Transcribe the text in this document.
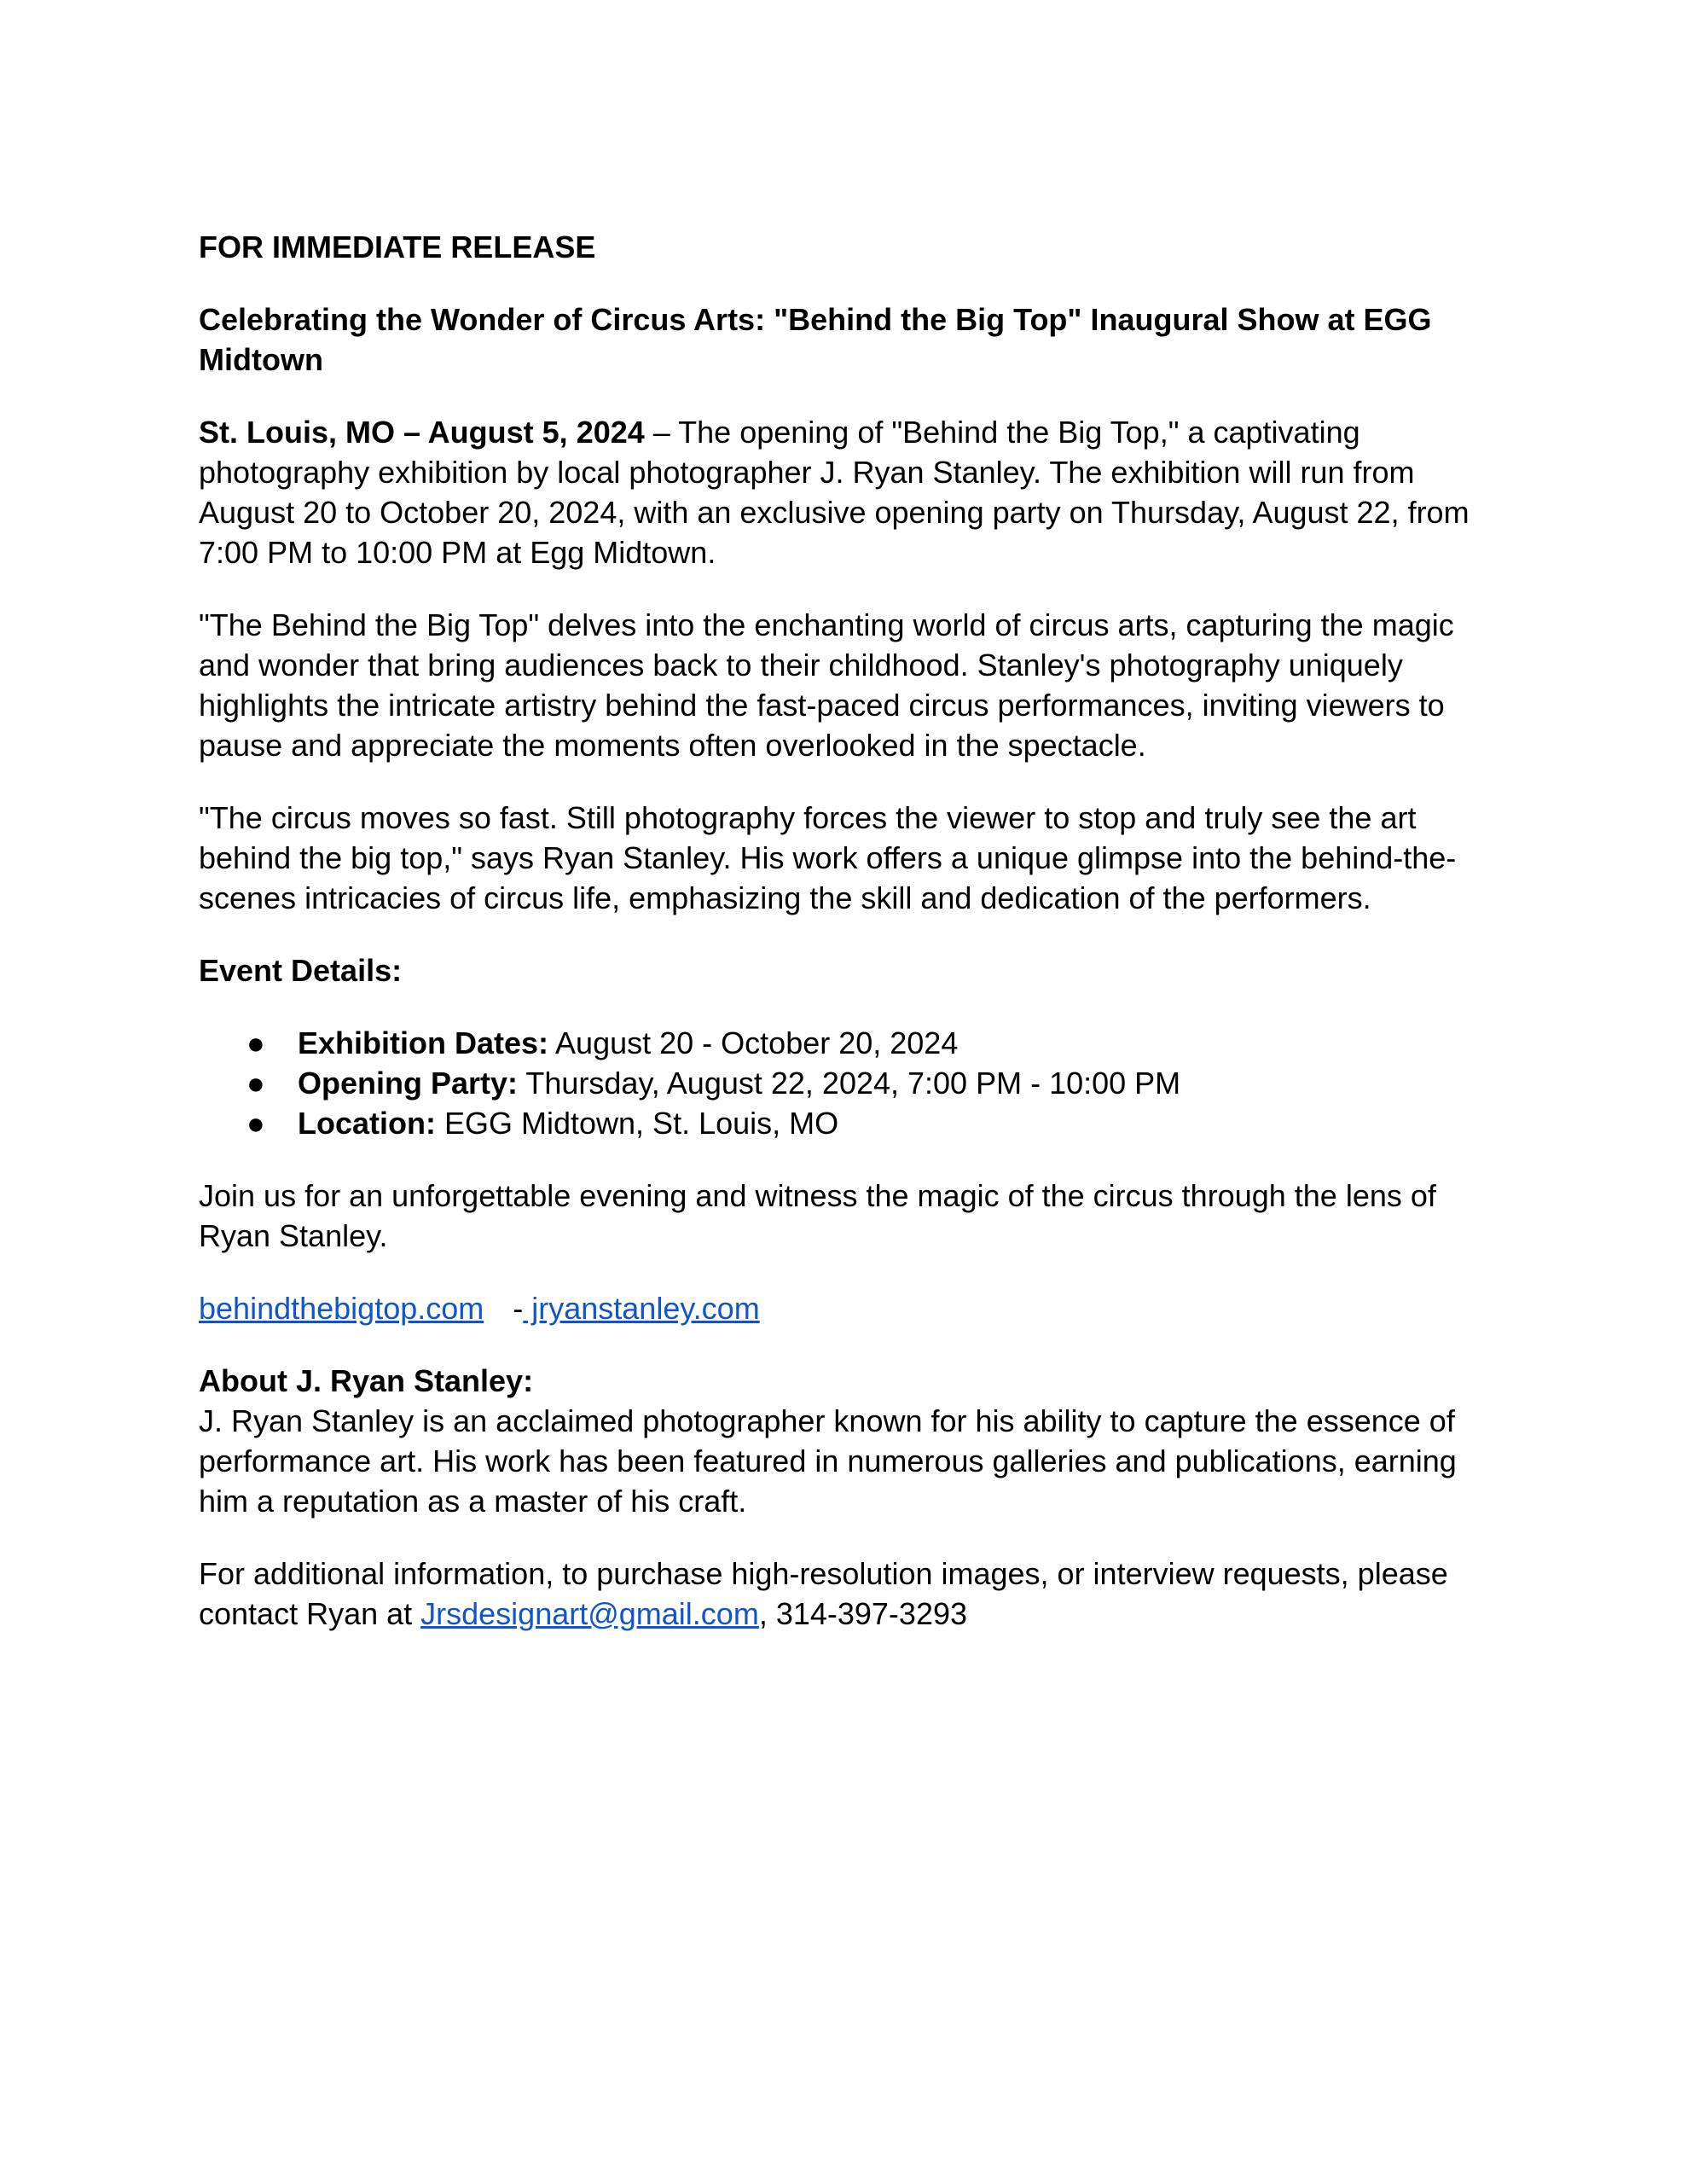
FOR IMMEDIATE RELEASE

Celebrating the Wonder of Circus Arts: "Behind the Big Top" Inaugural Show at EGG Midtown

St. Louis, MO – August 5, 2024 – The opening of "Behind the Big Top," a captivating photography exhibition by local photographer J. Ryan Stanley. The exhibition will run from August 20 to October 20, 2024, with an exclusive opening party on Thursday, August 22, from 7:00 PM to 10:00 PM at Egg Midtown.

"The Behind the Big Top" delves into the enchanting world of circus arts, capturing the magic and wonder that bring audiences back to their childhood. Stanley's photography uniquely highlights the intricate artistry behind the fast-paced circus performances, inviting viewers to pause and appreciate the moments often overlooked in the spectacle.

"The circus moves so fast. Still photography forces the viewer to stop and truly see the art behind the big top," says Ryan Stanley. His work offers a unique glimpse into the behind-the-scenes intricacies of circus life, emphasizing the skill and dedication of the performers.

Event Details:

● Exhibition Dates: August 20 - October 20, 2024
● Opening Party: Thursday, August 22, 2024, 7:00 PM - 10:00 PM
● Location: EGG Midtown, St. Louis, MO

Join us for an unforgettable evening and witness the magic of the circus through the lens of Ryan Stanley.

behindthebigtop.com - jryanstanley.com

About J. Ryan Stanley:

J. Ryan Stanley is an acclaimed photographer known for his ability to capture the essence of performance art. His work has been featured in numerous galleries and publications, earning him a reputation as a master of his craft.

For additional information, to purchase high-resolution images, or interview requests, please contact Ryan at Jrsdesignart@gmail.com, 314-397-3293
